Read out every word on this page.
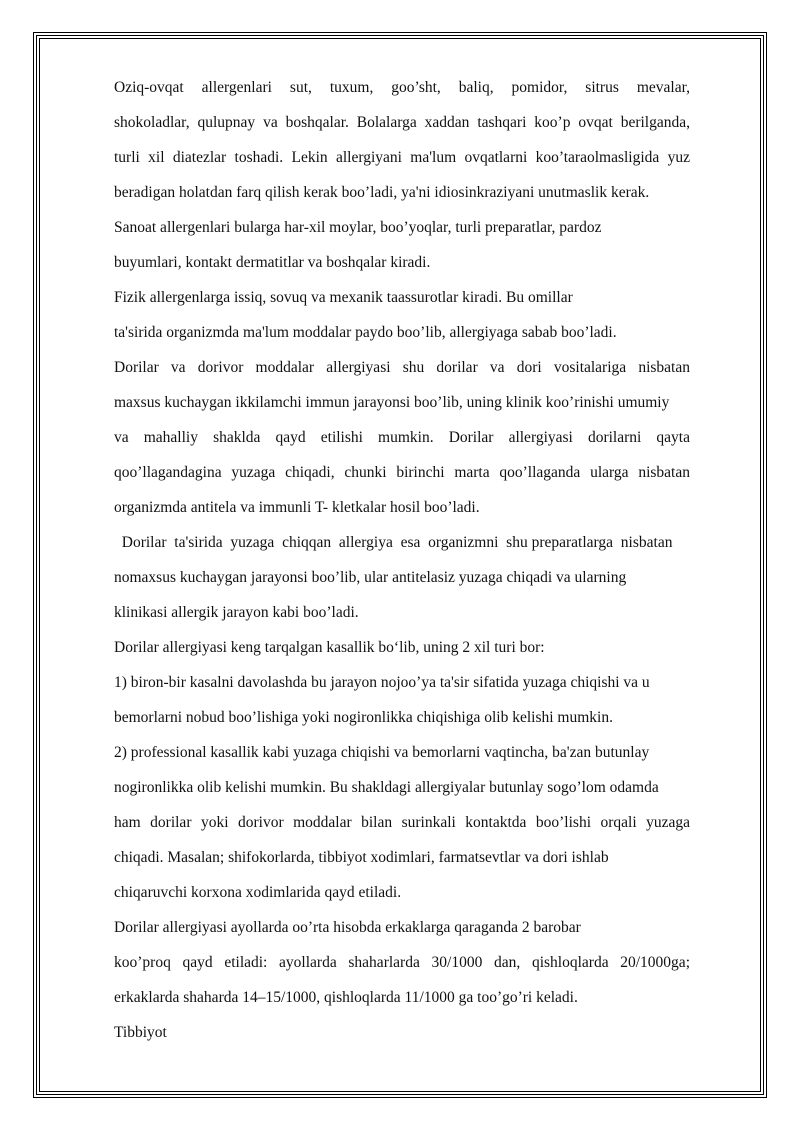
Oziq-ovqat allergenlari sut, tuxum, goo’sht, baliq, pomidor, sitrus mevalar,
shokoladlar, qulupnay va boshqalar. Bolalarga xaddan tashqari koo’p ovqat berilganda,
turli xil diatezlar toshadi. Lekin allergiyani ma'lum ovqatlarni koo’taraolmasligida yuz
beradigan holatdan farq qilish kerak boo’ladi, ya'ni idiosinkraziyani unutmaslik kerak.
Sanoat allergenlari bularga har-xil moylar, boo’yoqlar, turli preparatlar, pardoz
buyumlari, kontakt dermatitlar va boshqalar kiradi.
Fizik allergenlarga issiq, sovuq va mexanik taassurotlar kiradi. Bu omillar
ta'sirida organizmda ma'lum moddalar paydo boo’lib, allergiyaga sabab boo’ladi.
Dorilar va dorivor moddalar allergiyasi shu dorilar va dori vositalariga nisbatan
maxsus kuchaygan ikkilamchi immun jarayonsi boo’lib, uning klinik koo’rinishi umumiy
va mahalliy shaklda qayd etilishi mumkin. Dorilar allergiyasi dorilarni qayta
qoo’llagandagina yuzaga chiqadi, chunki birinchi marta qoo’llaganda ularga nisbatan
organizmda antitela va immunli T- kletkalar hosil boo’ladi.
Dorilar  ta'sirida  yuzaga  chiqqan  allergiya  esa  organizmni  shu preparatlarga  nisbatan
nomaxsus kuchaygan jarayonsi boo’lib, ular antitelasiz yuzaga chiqadi va ularning
klinikasi allergik jarayon kabi boo’ladi.
Dorilar allergiyasi keng tarqalgan kasallik bo‘lib, uning 2 xil turi bor:
1) biron-bir kasalni davolashda bu jarayon nojoo’ya ta'sir sifatida yuzaga chiqishi va u
bemorlarni nobud boo’lishiga yoki nogironlikka chiqishiga olib kelishi mumkin.
2) professional kasallik kabi yuzaga chiqishi va bemorlarni vaqtincha, ba'zan butunlay
nogironlikka olib kelishi mumkin. Bu shakldagi allergiyalar butunlay sogo’lom odamda
ham dorilar yoki dorivor moddalar bilan surinkali kontaktda boo’lishi orqali yuzaga
chiqadi. Masalan; shifokorlarda, tibbiyot xodimlari, farmatsevtlar va dori ishlab
chiqaruvchi korxona xodimlarida qayd etiladi.
Dorilar allergiyasi ayollarda oo’rta hisobda erkaklarga qaraganda 2 barobar
koo’proq qayd etiladi: ayollarda shaharlarda 30/1000 dan, qishloqlarda 20/1000ga;
erkaklarda shaharda 14–15/1000, qishloqlarda 11/1000 ga too’go’ri keladi.
Tibbiyot
